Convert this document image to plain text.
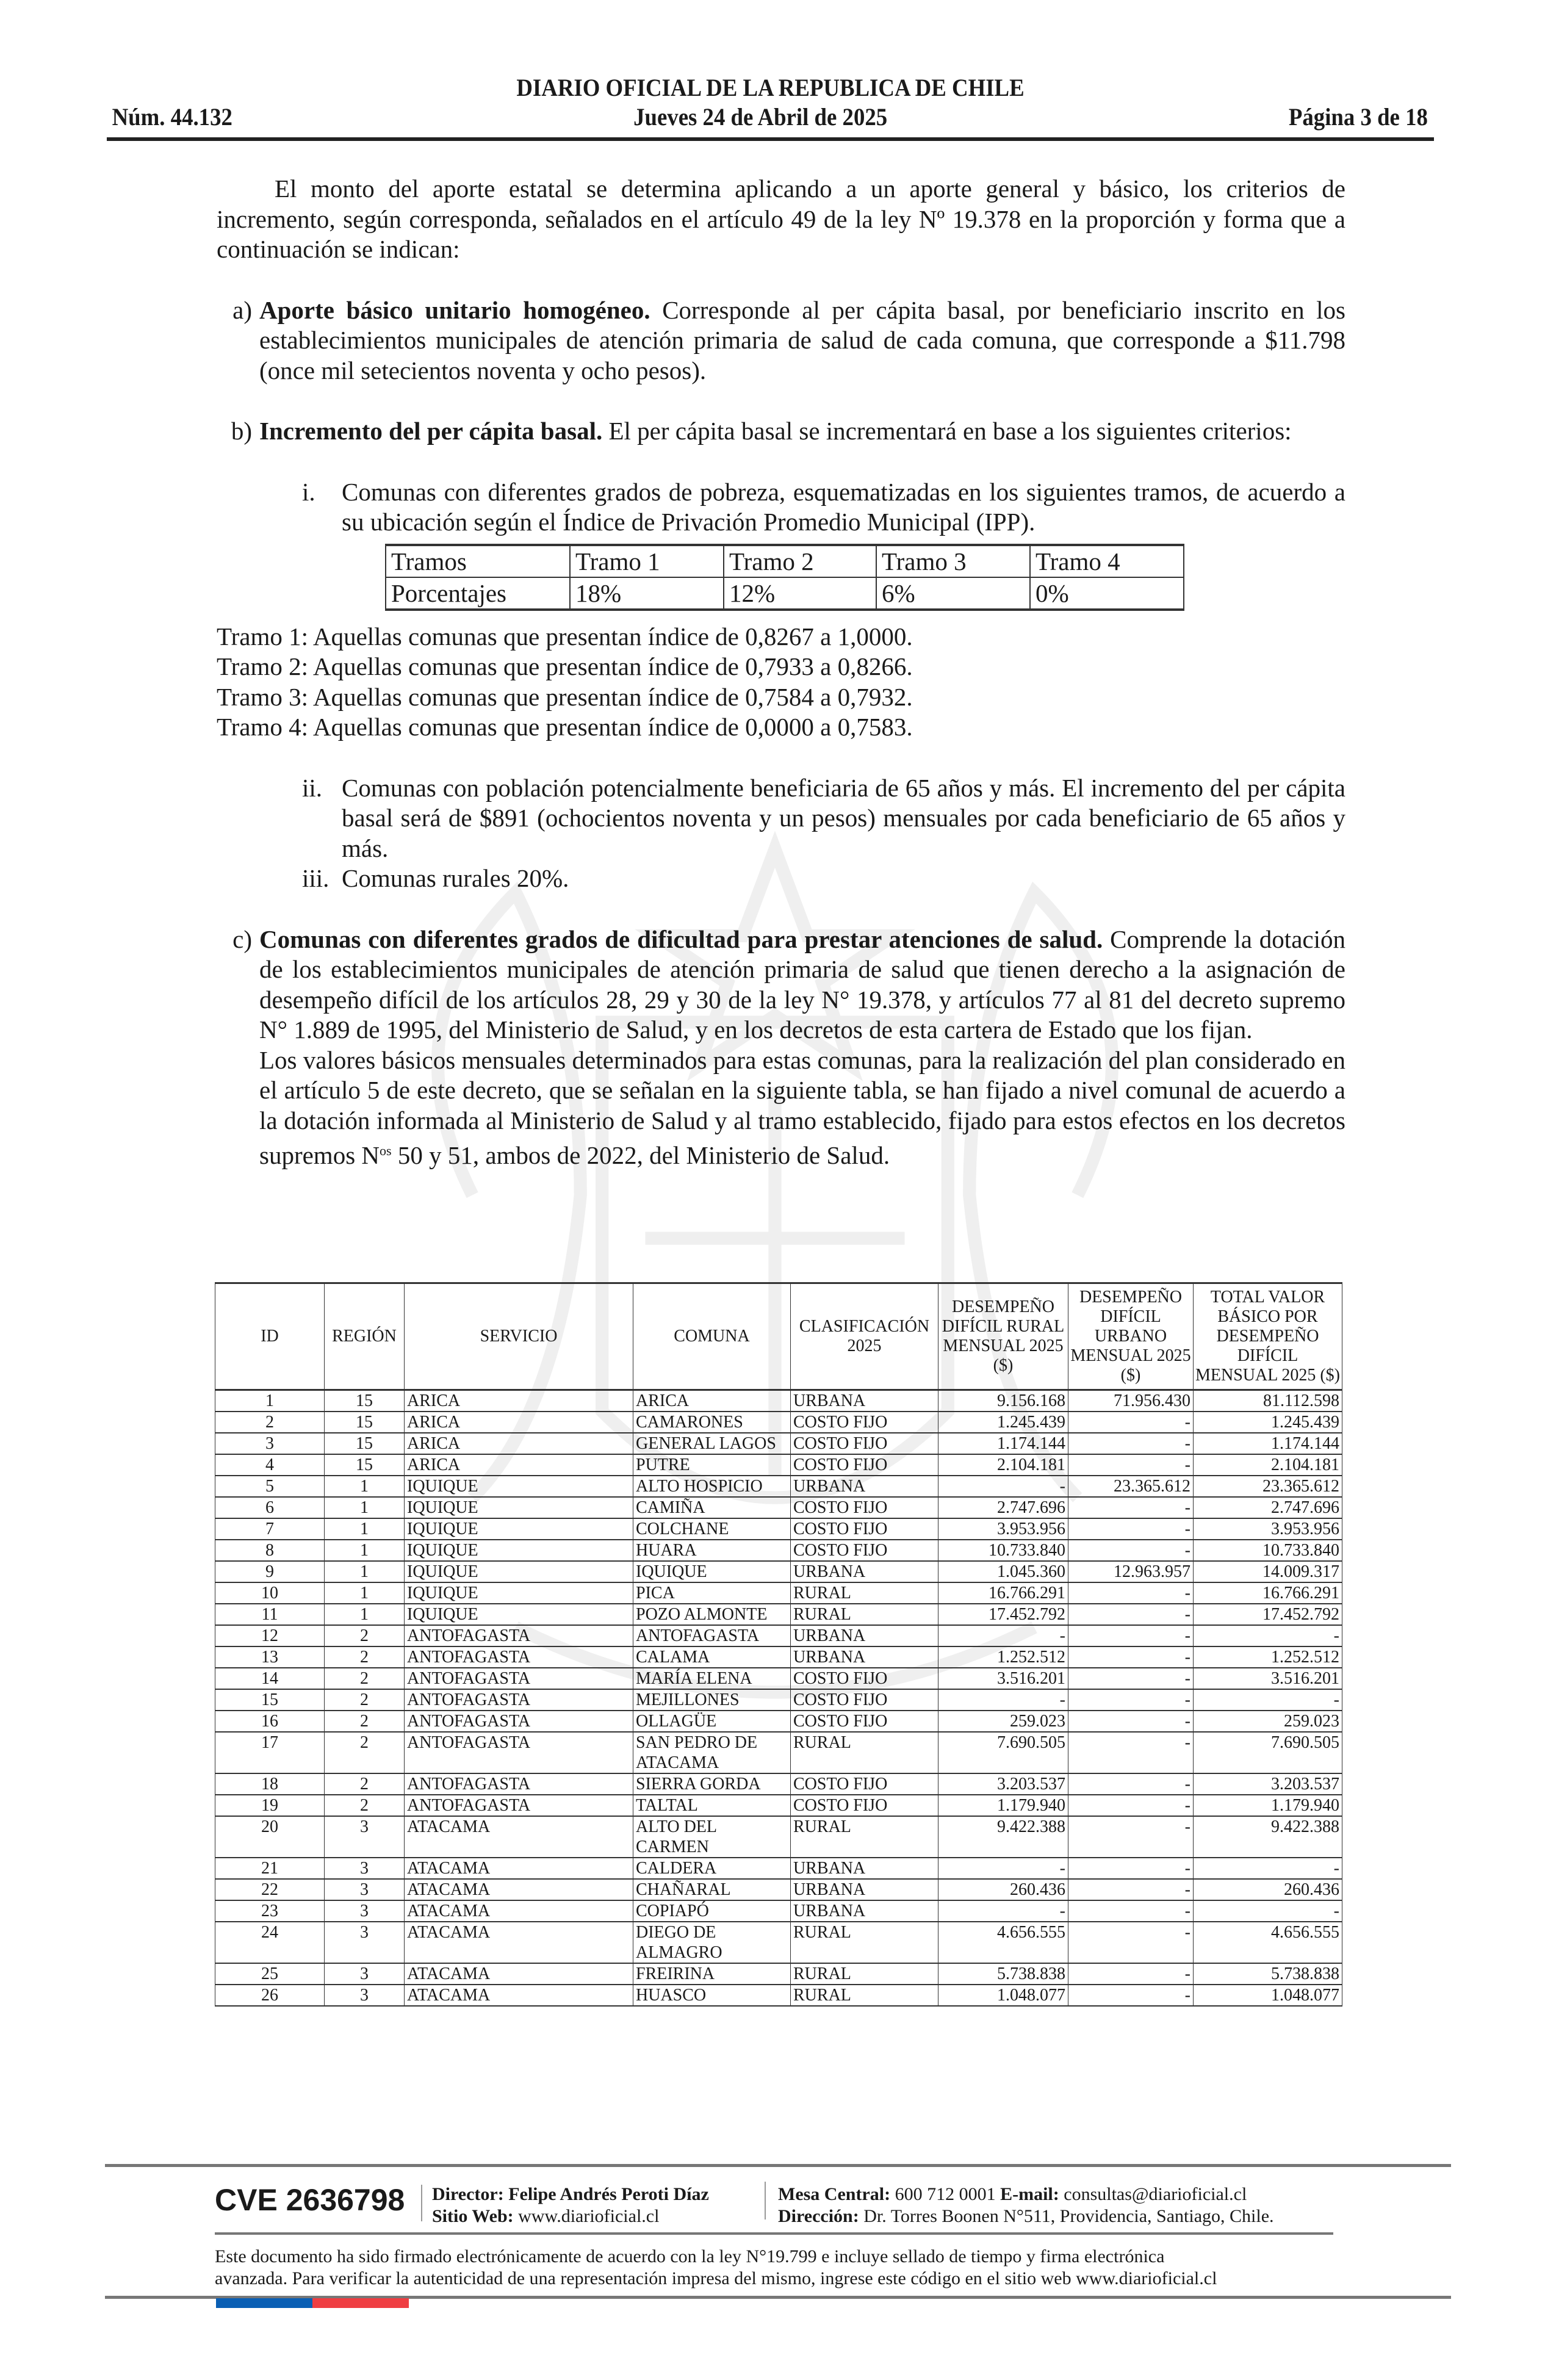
DIARIO OFICIAL DE LA REPUBLICA DE CHILE
Núm. 44.132	Jueves 24 de Abril de 2025	Página 3 de 18

El monto del aporte estatal se determina aplicando a un aporte general y básico, los criterios de incremento, según corresponda, señalados en el artículo 49 de la ley Nº 19.378 en la proporción y forma que a continuación se indican:

a) Aporte básico unitario homogéneo. Corresponde al per cápita basal, por beneficiario inscrito en los establecimientos municipales de atención primaria de salud de cada comuna, que corresponde a $11.798 (once mil setecientos noventa y ocho pesos).
b) Incremento del per cápita basal. El per cápita basal se incrementará en base a los siguientes criterios:
i.	Comunas con diferentes grados de pobreza, esquematizadas en los siguientes tramos, de acuerdo a su ubicación según el Índice de Privación Promedio Municipal (IPP).
Tramos	Tramo 1	Tramo 2	Tramo 3	Tramo 4
Porcentajes	18%	12%	6%	0%
Tramo 1: Aquellas comunas que presentan índice de 0,8267 a 1,0000.
Tramo 2: Aquellas comunas que presentan índice de 0,7933 a 0,8266.
Tramo 3: Aquellas comunas que presentan índice de 0,7584 a 0,7932.
Tramo 4: Aquellas comunas que presentan índice de 0,0000 a 0,7583.
ii. Comunas con población potencialmente beneficiaria de 65 años y más. El incremento del per cápita basal será de $891 (ochocientos noventa y un pesos) mensuales por cada beneficiario de 65 años y más.
iii. Comunas rurales 20%.
c) Comunas con diferentes grados de dificultad para prestar atenciones de salud. Comprende la dotación de los establecimientos municipales de atención primaria de salud que tienen derecho a la asignación de desempeño difícil de los artículos 28, 29 y 30 de la ley N° 19.378, y artículos 77 al 81 del decreto supremo N° 1.889 de 1995, del Ministerio de Salud, y en los decretos de esta cartera de Estado que los fijan.
Los valores básicos mensuales determinados para estas comunas, para la realización del plan considerado en el artículo 5 de este decreto, que se señalan en la siguiente tabla, se han fijado a nivel comunal de acuerdo a la dotación informada al Ministerio de Salud y al tramo establecido, fijado para estos efectos en los decretos supremos $N^{os}$ 50 y 51, ambos de 2022, del Ministerio de Salud.
ID	REGIÓN	SERVICIO	COMUNA	CLASIFICACIÓN 2025	DESEMPEÑO DIFÍCIL RURAL MENSUAL 2025 ($)	DESEMPEÑO DIFÍCIL URBANO MENSUAL 2025 ($)	TOTAL VALOR BÁSICO POR DESEMPEÑO DIFÍCIL MENSUAL 2025 ($)
1	15	ARICA	ARICA	URBANA	9.156.168	71.956.430	81.112.598
2	15	ARICA	CAMARONES	COSTO FIJO	1.245.439	-	1.245.439
3	15	ARICA	GENERAL LAGOS	COSTO FIJO	1.174.144	-	1.174.144
4	15	ARICA	PUTRE	COSTO FIJO	2.104.181	-	2.104.181
5	1	IQUIQUE	ALTO HOSPICIO	URBANA	-	23.365.612	23.365.612
6	1	IQUIQUE	CAMIÑA	COSTO FIJO	2.747.696	-	2.747.696
7	1	IQUIQUE	COLCHANE	COSTO FIJO	3.953.956	-	3.953.956
8	1	IQUIQUE	HUARA	COSTO FIJO	10.733.840	-	10.733.840
9	1	IQUIQUE	IQUIQUE	URBANA	1.045.360	12.963.957	14.009.317
10	1	IQUIQUE	PICA	RURAL	16.766.291	-	16.766.291
11	1	IQUIQUE	POZO ALMONTE	RURAL	17.452.792	-	17.452.792
12	2	ANTOFAGASTA	ANTOFAGASTA	URBANA	-	-	-
13	2	ANTOFAGASTA	CALAMA	URBANA	1.252.512	-	1.252.512
14	2	ANTOFAGASTA	MARÍA ELENA	COSTO FIJO	3.516.201	-	3.516.201
15	2	ANTOFAGASTA	MEJILLONES	COSTO FIJO	-	-	-
16	2	ANTOFAGASTA	OLLAGÜE	COSTO FIJO	259.023	-	259.023
17	2	ANTOFAGASTA	SAN PEDRO DE ATACAMA	RURAL	7.690.505	-	7.690.505
18	2	ANTOFAGASTA	SIERRA GORDA	COSTO FIJO	3.203.537	-	3.203.537
19	2	ANTOFAGASTA	TALTAL	COSTO FIJO	1.179.940	-	1.179.940
20	3	ATACAMA	ALTO DEL CARMEN	RURAL	9.422.388	-	9.422.388
21	3	ATACAMA	CALDERA	URBANA	-	-	-
22	3	ATACAMA	CHAÑARAL	URBANA	260.436	-	260.436
23	3	ATACAMA	COPIAPÓ	URBANA	-	-	-
24	3	ATACAMA	DIEGO DE ALMAGRO	RURAL	4.656.555	-	4.656.555
25	3	ATACAMA	FREIRINA	RURAL	5.738.838	-	5.738.838
26	3	ATACAMA	HUASCO	RURAL	1.048.077	-	1.048.077
CVE 2636798 Director: Felipe Andrés Peroti Díaz
Sitio Web: www.diarioficial.cl
Mesa Central: 600 712 0001 E-mail: consultas@diarioficial.cl
Dirección: Dr. Torres Boonen N°511, Providencia, Santiago, Chile.
Este documento ha sido firmado electrónicamente de acuerdo con la ley N°19.799 e incluye sellado de tiempo y firma electrónica
avanzada. Para verificar la autenticidad de una representación impresa del mismo, ingrese este código en el sitio web www.diarioficial.cl
